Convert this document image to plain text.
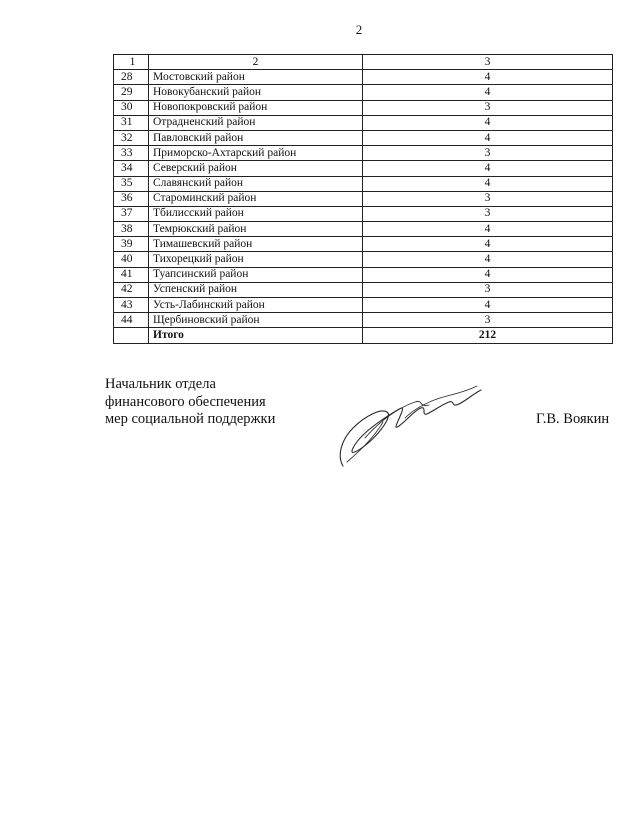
2
1	2	3
28	Мостовский район	4
29	Новокубанский район	4
30	Новопокровский район	3
31	Отрадненский район	4
32	Павловский район	4
33	Приморско-Ахтарский район	3
34	Северский район	4
35	Славянский район	4
36	Староминский район	3
37	Тбилисский район	3
38	Темрюкский район	4
39	Тимашевский район	4
40	Тихорецкий район	4
41	Туапсинский район	4
42	Успенский район	3
43	Усть-Лабинский район	4
44	Щербиновский район	3
	Итого	212
Начальник отдела
финансового обеспечения
мер социальной поддержки	Г.В. Воякин
